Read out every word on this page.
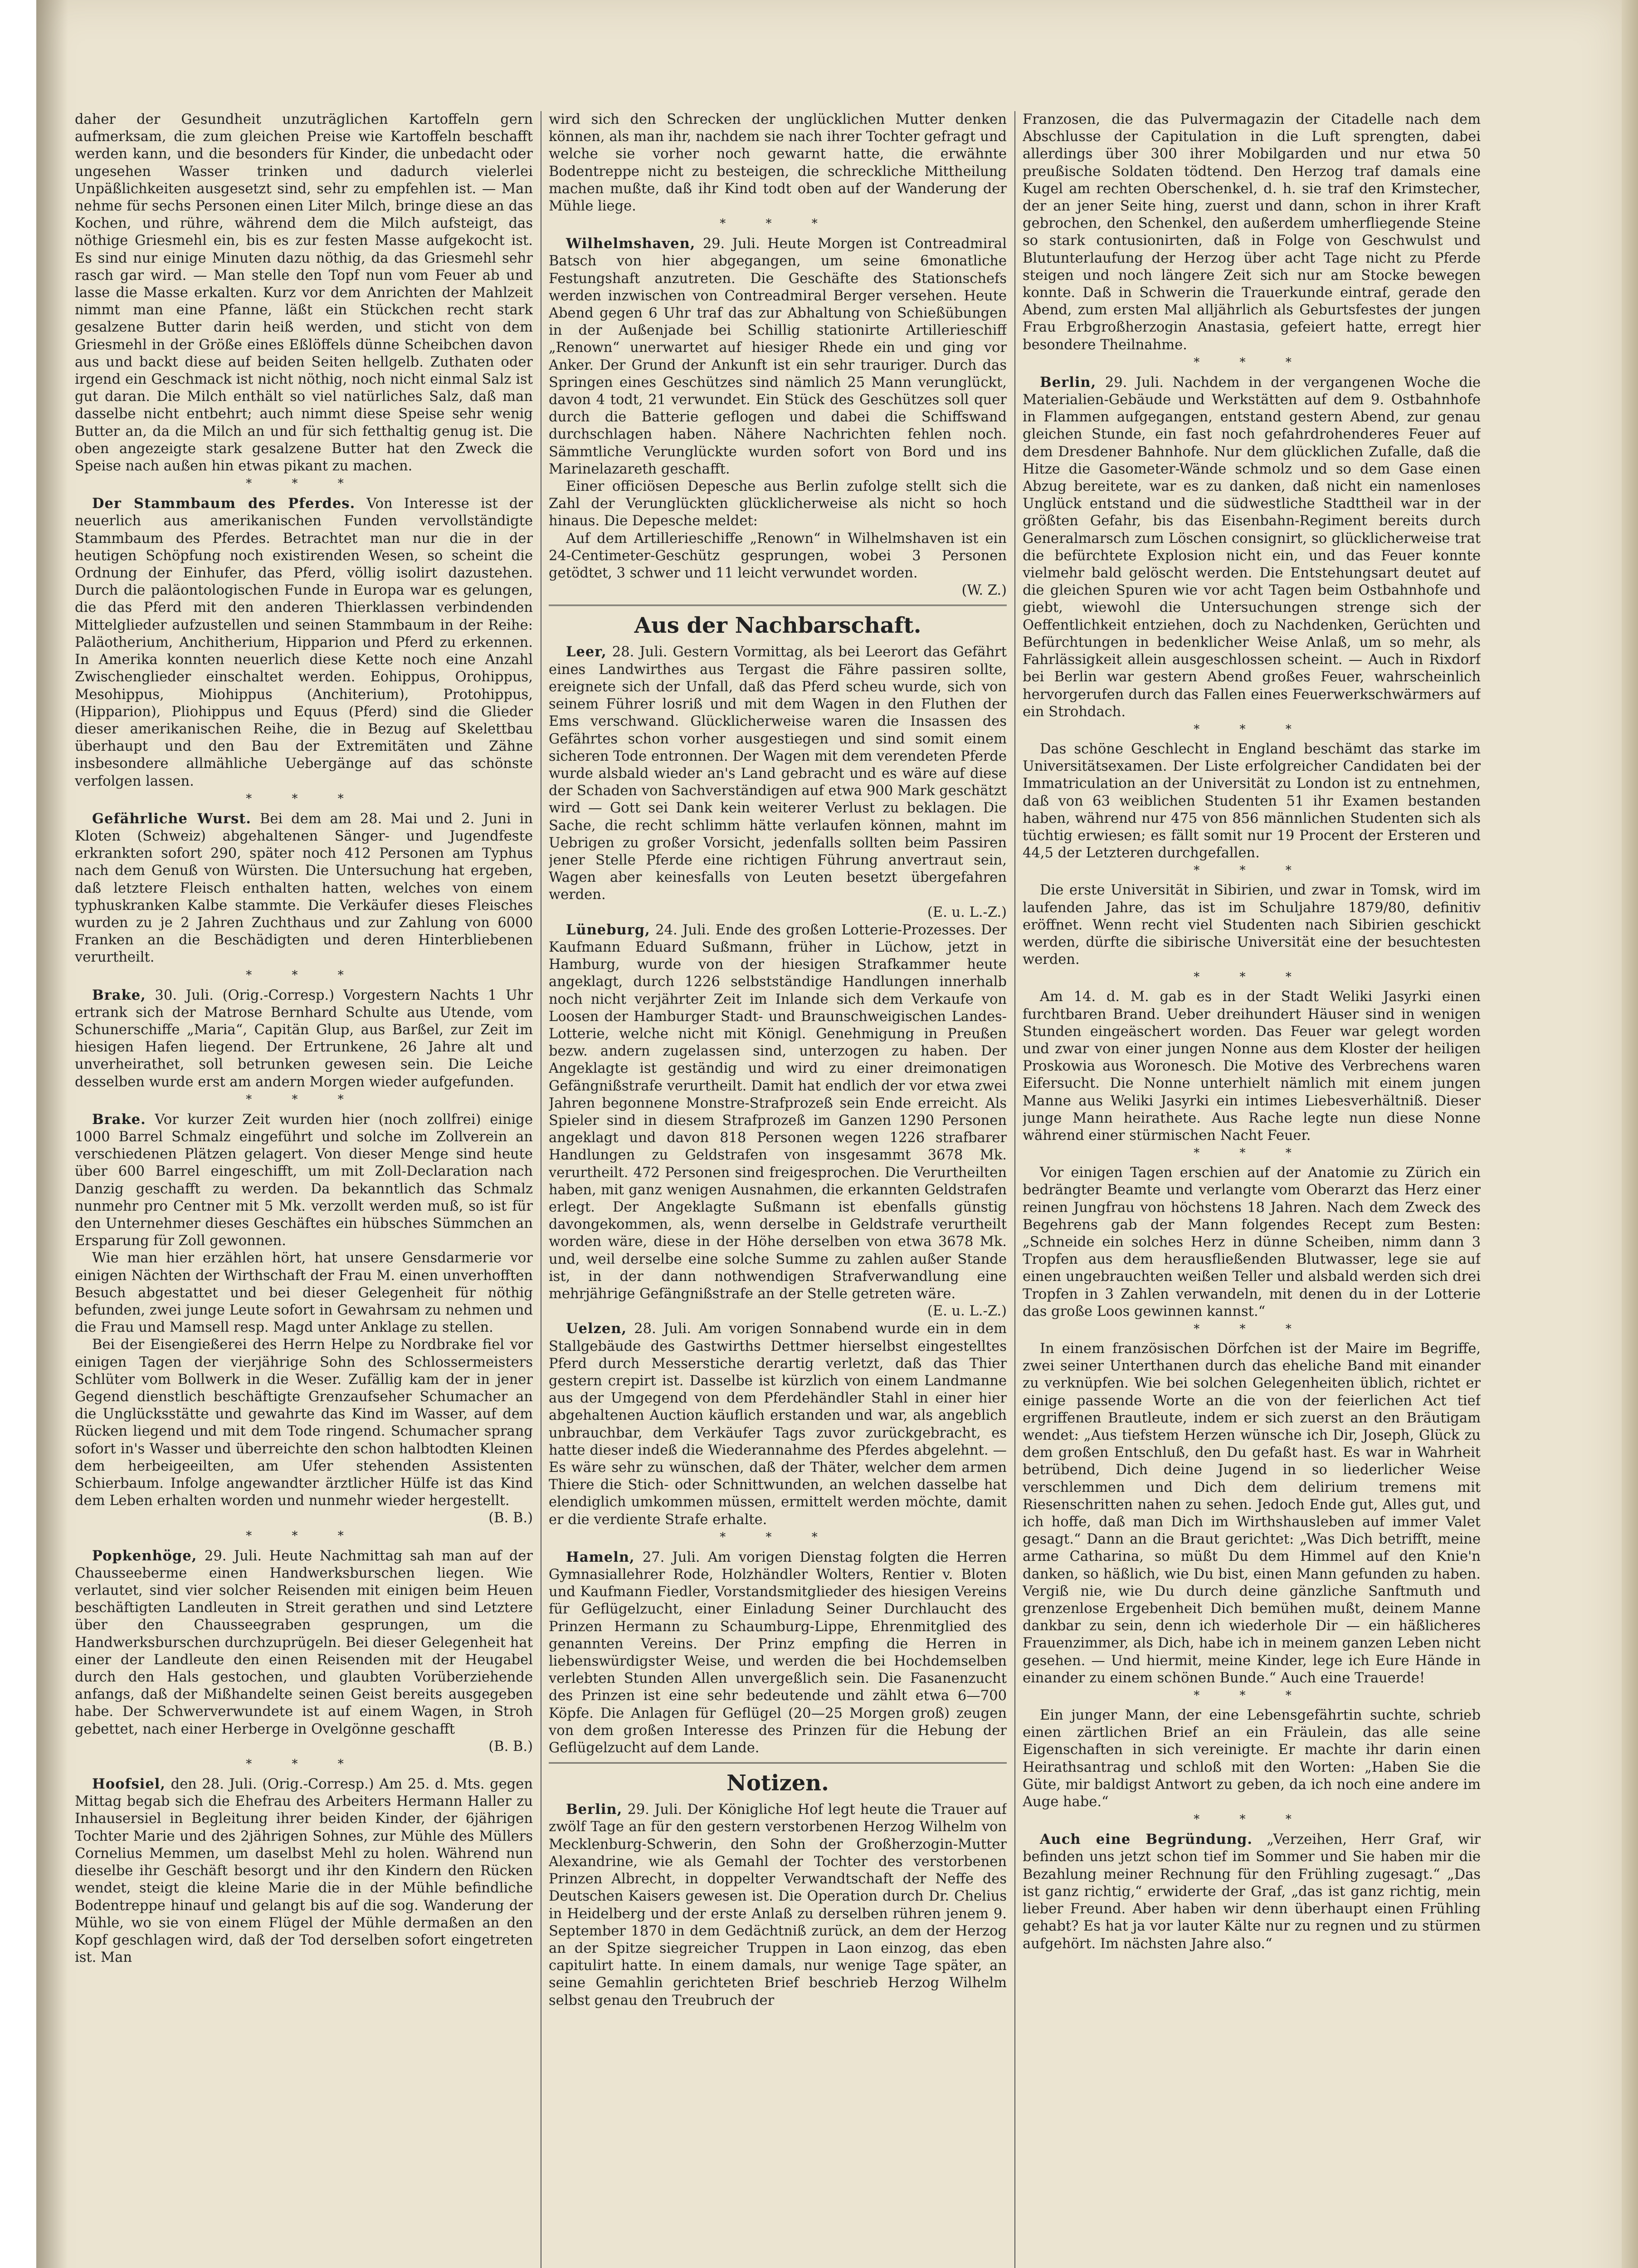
daher der Gesundheit unzuträglichen Kartoffeln gern aufmerksam, die zum gleichen Preise wie Kartoffeln beschafft werden kann, und die besonders für Kinder, die unbedacht oder ungesehen Wasser trinken und dadurch vielerlei Unpäßlichkeiten ausgesetzt sind, sehr zu empfehlen ist. — Man nehme für sechs Personen einen Liter Milch, bringe diese an das Kochen, und rühre, während dem die Milch aufsteigt, das nöthige Griesmehl ein, bis es zur festen Masse aufgekocht ist. Es sind nur einige Minuten dazu nöthig, da das Griesmehl sehr rasch gar wird. — Man stelle den Topf nun vom Feuer ab und lasse die Masse erkalten. Kurz vor dem Anrichten der Mahlzeit nimmt man eine Pfanne, läßt ein Stückchen recht stark gesalzene Butter darin heiß werden, und sticht von dem Griesmehl in der Größe eines Eßlöffels dünne Scheibchen davon aus und backt diese auf beiden Seiten hellgelb. Zuthaten oder irgend ein Geschmack ist nicht nöthig, noch nicht einmal Salz ist gut daran. Die Milch enthält so viel natürliches Salz, daß man dasselbe nicht entbehrt; auch nimmt diese Speise sehr wenig Butter an, da die Milch an und für sich fetthaltig genug ist. Die oben angezeigte stark gesalzene Butter hat den Zweck die Speise nach außen hin etwas pikant zu machen.

* * *

Der Stammbaum des Pferdes. Von Interesse ist der neuerlich aus amerikanischen Funden vervollständigte Stammbaum des Pferdes. Betrachtet man nur die in der heutigen Schöpfung noch existirenden Wesen, so scheint die Ordnung der Einhufer, das Pferd, völlig isolirt dazustehen. Durch die paläontologischen Funde in Europa war es gelungen, die das Pferd mit den anderen Thierklassen verbindenden Mittelglieder aufzustellen und seinen Stammbaum in der Reihe: Paläotherium, Anchitherium, Hipparion und Pferd zu erkennen. In Amerika konnten neuerlich diese Kette noch eine Anzahl Zwischenglieder einschaltet werden. Eohippus, Orohippus, Mesohippus, Miohippus (Anchiterium), Protohippus, (Hipparion), Pliohippus und Equus (Pferd) sind die Glieder dieser amerikanischen Reihe, die in Bezug auf Skelettbau überhaupt und den Bau der Extremitäten und Zähne insbesondere allmähliche Uebergänge auf das schönste verfolgen lassen.

* * *

Gefährliche Wurst. Bei dem am 28. Mai und 2. Juni in Kloten (Schweiz) abgehaltenen Sänger- und Jugendfeste erkrankten sofort 290, später noch 412 Personen am Typhus nach dem Genuß von Würsten. Die Untersuchung hat ergeben, daß letztere Fleisch enthalten hatten, welches von einem typhuskranken Kalbe stammte. Die Verkäufer dieses Fleisches wurden zu je 2 Jahren Zuchthaus und zur Zahlung von 6000 Franken an die Beschädigten und deren Hinterbliebenen verurtheilt.

* * *

Brake, 30. Juli. (Orig.-Corresp.) Vorgestern Nachts 1 Uhr ertrank sich der Matrose Bernhard Schulte aus Utende, vom Schunerschiffe „Maria“, Capitän Glup, aus Barßel, zur Zeit im hiesigen Hafen liegend. Der Ertrunkene, 26 Jahre alt und unverheirathet, soll betrunken gewesen sein. Die Leiche desselben wurde erst am andern Morgen wieder aufgefunden.

* * *

Brake. Vor kurzer Zeit wurden hier (noch zollfrei) einige 1000 Barrel Schmalz eingeführt und solche im Zollverein an verschiedenen Plätzen gelagert. Von dieser Menge sind heute über 600 Barrel eingeschifft, um mit Zoll-Declaration nach Danzig geschafft zu werden. Da bekanntlich das Schmalz nunmehr pro Centner mit 5 Mk. verzollt werden muß, so ist für den Unternehmer dieses Geschäftes ein hübsches Sümmchen an Ersparung für Zoll gewonnen.

Wie man hier erzählen hört, hat unsere Gensdarmerie vor einigen Nächten der Wirthschaft der Frau M. einen unverhofften Besuch abgestattet und bei dieser Gelegenheit für nöthig befunden, zwei junge Leute sofort in Gewahrsam zu nehmen und die Frau und Mamsell resp. Magd unter Anklage zu stellen.

Bei der Eisengießerei des Herrn Helpe zu Nordbrake fiel vor einigen Tagen der vierjährige Sohn des Schlossermeisters Schlüter vom Bollwerk in die Weser. Zufällig kam der in jener Gegend dienstlich beschäftigte Grenzaufseher Schumacher an die Unglücksstätte und gewahrte das Kind im Wasser, auf dem Rücken liegend und mit dem Tode ringend. Schumacher sprang sofort in's Wasser und überreichte den schon halbtodten Kleinen dem herbeigeeilten, am Ufer stehenden Assistenten Schierbaum. Infolge angewandter ärztlicher Hülfe ist das Kind dem Leben erhalten worden und nunmehr wieder hergestellt.
(B. B.)

* * *

Popkenhöge, 29. Juli. Heute Nachmittag sah man auf der Chausseeberme einen Handwerksburschen liegen. Wie verlautet, sind vier solcher Reisenden mit einigen beim Heuen beschäftigten Landleuten in Streit gerathen und sind Letztere über den Chausseegraben gesprungen, um die Handwerksburschen durchzuprügeln. Bei dieser Gelegenheit hat einer der Landleute den einen Reisenden mit der Heugabel durch den Hals gestochen, und glaubten Vorüberziehende anfangs, daß der Mißhandelte seinen Geist bereits ausgegeben habe. Der Schwerverwundete ist auf einem Wagen, in Stroh gebettet, nach einer Herberge in Ovelgönne geschafft
(B. B.)

* * *

Hoofsiel, den 28. Juli. (Orig.-Corresp.) Am 25. d. Mts. gegen Mittag begab sich die Ehefrau des Arbeiters Hermann Haller zu Inhausersiel in Begleitung ihrer beiden Kinder, der 6jährigen Tochter Marie und des 2jährigen Sohnes, zur Mühle des Müllers Cornelius Memmen, um daselbst Mehl zu holen. Während nun dieselbe ihr Geschäft besorgt und ihr den Kindern den Rücken wendet, steigt die kleine Marie die in der Mühle befindliche Bodentreppe hinauf und gelangt bis auf die sog. Wanderung der Mühle, wo sie von einem Flügel der Mühle dermaßen an den Kopf geschlagen wird, daß der Tod derselben sofort eingetreten ist. Man

wird sich den Schrecken der unglücklichen Mutter denken können, als man ihr, nachdem sie nach ihrer Tochter gefragt und welche sie vorher noch gewarnt hatte, die erwähnte Bodentreppe nicht zu besteigen, die schreckliche Mittheilung machen mußte, daß ihr Kind todt oben auf der Wanderung der Mühle liege.

* * *

Wilhelmshaven, 29. Juli. Heute Morgen ist Contreadmiral Batsch von hier abgegangen, um seine 6monatliche Festungshaft anzutreten. Die Geschäfte des Stationschefs werden inzwischen von Contreadmiral Berger versehen. Heute Abend gegen 6 Uhr traf das zur Abhaltung von Schießübungen in der Außenjade bei Schillig stationirte Artillerieschiff „Renown“ unerwartet auf hiesiger Rhede ein und ging vor Anker. Der Grund der Ankunft ist ein sehr trauriger. Durch das Springen eines Geschützes sind nämlich 25 Mann verunglückt, davon 4 todt, 21 verwundet. Ein Stück des Geschützes soll quer durch die Batterie geflogen und dabei die Schiffswand durchschlagen haben. Nähere Nachrichten fehlen noch. Sämmtliche Verunglückte wurden sofort von Bord und ins Marinelazareth geschafft.

Einer officiösen Depesche aus Berlin zufolge stellt sich die Zahl der Verunglückten glücklicherweise als nicht so hoch hinaus. Die Depesche meldet:

Auf dem Artillerieschiffe „Renown“ in Wilhelmshaven ist ein 24-Centimeter-Geschütz gesprungen, wobei 3 Personen getödtet, 3 schwer und 11 leicht verwundet worden.
(W. Z.)

Aus der Nachbarschaft.

Leer, 28. Juli. Gestern Vormittag, als bei Leerort das Gefährt eines Landwirthes aus Tergast die Fähre passiren sollte, ereignete sich der Unfall, daß das Pferd scheu wurde, sich von seinem Führer losriß und mit dem Wagen in den Fluthen der Ems verschwand. Glücklicherweise waren die Insassen des Gefährtes schon vorher ausgestiegen und sind somit einem sicheren Tode entronnen. Der Wagen mit dem verendeten Pferde wurde alsbald wieder an's Land gebracht und es wäre auf diese der Schaden von Sachverständigen auf etwa 900 Mark geschätzt wird — Gott sei Dank kein weiterer Verlust zu beklagen. Die Sache, die recht schlimm hätte verlaufen können, mahnt im Uebrigen zu großer Vorsicht, jedenfalls sollten beim Passiren jener Stelle Pferde eine richtigen Führung anvertraut sein, Wagen aber keinesfalls von Leuten besetzt übergefahren werden.
(E. u. L.-Z.)

Lüneburg, 24. Juli. Ende des großen Lotterie-Prozesses. Der Kaufmann Eduard Sußmann, früher in Lüchow, jetzt in Hamburg, wurde von der hiesigen Strafkammer heute angeklagt, durch 1226 selbstständige Handlungen innerhalb noch nicht verjährter Zeit im Inlande sich dem Verkaufe von Loosen der Hamburger Stadt- und Braunschweigischen Landes-Lotterie, welche nicht mit Königl. Genehmigung in Preußen bezw. andern zugelassen sind, unterzogen zu haben. Der Angeklagte ist geständig und wird zu einer dreimonatigen Gefängnißstrafe verurtheilt. Damit hat endlich der vor etwa zwei Jahren begonnene Monstre-Strafprozeß sein Ende erreicht. Als Spieler sind in diesem Strafprozeß im Ganzen 1290 Personen angeklagt und davon 818 Personen wegen 1226 strafbarer Handlungen zu Geldstrafen von insgesammt 3678 Mk. verurtheilt. 472 Personen sind freigesprochen. Die Verurtheilten haben, mit ganz wenigen Ausnahmen, die erkannten Geldstrafen erlegt. Der Angeklagte Sußmann ist ebenfalls günstig davongekommen, als, wenn derselbe in Geldstrafe verurtheilt worden wäre, diese in der Höhe derselben von etwa 3678 Mk. und, weil derselbe eine solche Summe zu zahlen außer Stande ist, in der dann nothwendigen Strafverwandlung eine mehrjährige Gefängnißstrafe an der Stelle getreten wäre.
(E. u. L.-Z.)

Uelzen, 28. Juli. Am vorigen Sonnabend wurde ein in dem Stallgebäude des Gastwirths Dettmer hierselbst eingestelltes Pferd durch Messerstiche derartig verletzt, daß das Thier gestern crepirt ist. Dasselbe ist kürzlich von einem Landmanne aus der Umgegend von dem Pferdehändler Stahl in einer hier abgehaltenen Auction käuflich erstanden und war, als angeblich unbrauchbar, dem Verkäufer Tags zuvor zurückgebracht, es hatte dieser indeß die Wiederannahme des Pferdes abgelehnt. — Es wäre sehr zu wünschen, daß der Thäter, welcher dem armen Thiere die Stich- oder Schnittwunden, an welchen dasselbe hat elendiglich umkommen müssen, ermittelt werden möchte, damit er die verdiente Strafe erhalte.

* * *

Hameln, 27. Juli. Am vorigen Dienstag folgten die Herren Gymnasiallehrer Rode, Holzhändler Wolters, Rentier v. Bloten und Kaufmann Fiedler, Vorstandsmitglieder des hiesigen Vereins für Geflügelzucht, einer Einladung Seiner Durchlaucht des Prinzen Hermann zu Schaumburg-Lippe, Ehrenmitglied des genannten Vereins. Der Prinz empfing die Herren in liebenswürdigster Weise, und werden die bei Hochdemselben verlebten Stunden Allen unvergeßlich sein. Die Fasanenzucht des Prinzen ist eine sehr bedeutende und zählt etwa 6—700 Köpfe. Die Anlagen für Geflügel (20—25 Morgen groß) zeugen von dem großen Interesse des Prinzen für die Hebung der Geflügelzucht auf dem Lande.

Notizen.

Berlin, 29. Juli. Der Königliche Hof legt heute die Trauer auf zwölf Tage an für den gestern verstorbenen Herzog Wilhelm von Mecklenburg-Schwerin, den Sohn der Großherzogin-Mutter Alexandrine, wie als Gemahl der Tochter des verstorbenen Prinzen Albrecht, in doppelter Verwandtschaft der Neffe des Deutschen Kaisers gewesen ist. Die Operation durch Dr. Chelius in Heidelberg und der erste Anlaß zu derselben rühren jenem 9. September 1870 in dem Gedächtniß zurück, an dem der Herzog an der Spitze siegreicher Truppen in Laon einzog, das eben capitulirt hatte. In einem damals, nur wenige Tage später, an seine Gemahlin gerichteten Brief beschrieb Herzog Wilhelm selbst genau den Treubruch der

Franzosen, die das Pulvermagazin der Citadelle nach dem Abschlusse der Capitulation in die Luft sprengten, dabei allerdings über 300 ihrer Mobilgarden und nur etwa 50 preußische Soldaten tödtend. Den Herzog traf damals eine Kugel am rechten Oberschenkel, d. h. sie traf den Krimstecher, der an jener Seite hing, zuerst und dann, schon in ihrer Kraft gebrochen, den Schenkel, den außerdem umherfliegende Steine so stark contusionirten, daß in Folge von Geschwulst und Blutunterlaufung der Herzog über acht Tage nicht zu Pferde steigen und noch längere Zeit sich nur am Stocke bewegen konnte. Daß in Schwerin die Trauerkunde eintraf, gerade den Abend, zum ersten Mal alljährlich als Geburtsfestes der jungen Frau Erbgroßherzogin Anastasia, gefeiert hatte, erregt hier besondere Theilnahme.

* * *

Berlin, 29. Juli. Nachdem in der vergangenen Woche die Materialien-Gebäude und Werkstätten auf dem 9. Ostbahnhofe in Flammen aufgegangen, entstand gestern Abend, zur genau gleichen Stunde, ein fast noch gefahrdrohenderes Feuer auf dem Dresdener Bahnhofe. Nur dem glücklichen Zufalle, daß die Hitze die Gasometer-Wände schmolz und so dem Gase einen Abzug bereitete, war es zu danken, daß nicht ein namenloses Unglück entstand und die südwestliche Stadttheil war in der größten Gefahr, bis das Eisenbahn-Regiment bereits durch Generalmarsch zum Löschen consignirt, so glücklicherweise trat die befürchtete Explosion nicht ein, und das Feuer konnte vielmehr bald gelöscht werden. Die Entstehungsart deutet auf die gleichen Spuren wie vor acht Tagen beim Ostbahnhofe und giebt, wiewohl die Untersuchungen strenge sich der Oeffentlichkeit entziehen, doch zu Nachdenken, Gerüchten und Befürchtungen in bedenklicher Weise Anlaß, um so mehr, als Fahrlässigkeit allein ausgeschlossen scheint. — Auch in Rixdorf bei Berlin war gestern Abend großes Feuer, wahrscheinlich hervorgerufen durch das Fallen eines Feuerwerkschwärmers auf ein Strohdach.

* * *

Das schöne Geschlecht in England beschämt das starke im Universitätsexamen. Der Liste erfolgreicher Candidaten bei der Immatriculation an der Universität zu London ist zu entnehmen, daß von 63 weiblichen Studenten 51 ihr Examen bestanden haben, während nur 475 von 856 männlichen Studenten sich als tüchtig erwiesen; es fällt somit nur 19 Procent der Ersteren und 44,5 der Letzteren durchgefallen.

* * *

Die erste Universität in Sibirien, und zwar in Tomsk, wird im laufenden Jahre, das ist im Schuljahre 1879/80, definitiv eröffnet. Wenn recht viel Studenten nach Sibirien geschickt werden, dürfte die sibirische Universität eine der besuchtesten werden.

* * *

Am 14. d. M. gab es in der Stadt Weliki Jasyrki einen furchtbaren Brand. Ueber dreihundert Häuser sind in wenigen Stunden eingeäschert worden. Das Feuer war gelegt worden und zwar von einer jungen Nonne aus dem Kloster der heiligen Proskowia aus Woronesch. Die Motive des Verbrechens waren Eifersucht. Die Nonne unterhielt nämlich mit einem jungen Manne aus Weliki Jasyrki ein intimes Liebesverhältniß. Dieser junge Mann heirathete. Aus Rache legte nun diese Nonne während einer stürmischen Nacht Feuer.

* * *

Vor einigen Tagen erschien auf der Anatomie zu Zürich ein bedrängter Beamte und verlangte vom Oberarzt das Herz einer reinen Jungfrau von höchstens 18 Jahren. Nach dem Zweck des Begehrens gab der Mann folgendes Recept zum Besten: „Schneide ein solches Herz in dünne Scheiben, nimm dann 3 Tropfen aus dem herausfließenden Blutwasser, lege sie auf einen ungebrauchten weißen Teller und alsbald werden sich drei Tropfen in 3 Zahlen verwandeln, mit denen du in der Lotterie das große Loos gewinnen kannst.“

* * *

In einem französischen Dörfchen ist der Maire im Begriffe, zwei seiner Unterthanen durch das eheliche Band mit einander zu verknüpfen. Wie bei solchen Gelegenheiten üblich, richtet er einige passende Worte an die von der feierlichen Act tief ergriffenen Brautleute, indem er sich zuerst an den Bräutigam wendet: „Aus tiefstem Herzen wünsche ich Dir, Joseph, Glück zu dem großen Entschluß, den Du gefaßt hast. Es war in Wahrheit betrübend, Dich deine Jugend in so liederlicher Weise verschlemmen und Dich dem delirium tremens mit Riesenschritten nahen zu sehen. Jedoch Ende gut, Alles gut, und ich hoffe, daß man Dich im Wirthshausleben auf immer Valet gesagt.“ Dann an die Braut gerichtet: „Was Dich betrifft, meine arme Catharina, so müßt Du dem Himmel auf den Knie'n danken, so häßlich, wie Du bist, einen Mann gefunden zu haben. Vergiß nie, wie Du durch deine gänzliche Sanftmuth und grenzenlose Ergebenheit Dich bemühen mußt, deinem Manne dankbar zu sein, denn ich wiederhole Dir — ein häßlicheres Frauenzimmer, als Dich, habe ich in meinem ganzen Leben nicht gesehen. — Und hiermit, meine Kinder, lege ich Eure Hände in einander zu einem schönen Bunde.“ Auch eine Trauerde!

* * *

Ein junger Mann, der eine Lebensgefährtin suchte, schrieb einen zärtlichen Brief an ein Fräulein, das alle seine Eigenschaften in sich vereinigte. Er machte ihr darin einen Heirathsantrag und schloß mit den Worten: „Haben Sie die Güte, mir baldigst Antwort zu geben, da ich noch eine andere im Auge habe.“

* * *

Auch eine Begründung. „Verzeihen, Herr Graf, wir befinden uns jetzt schon tief im Sommer und Sie haben mir die Bezahlung meiner Rechnung für den Frühling zugesagt.“ „Das ist ganz richtig,“ erwiderte der Graf, „das ist ganz richtig, mein lieber Freund. Aber haben wir denn überhaupt einen Frühling gehabt? Es hat ja vor lauter Kälte nur zu regnen und zu stürmen aufgehört. Im nächsten Jahre also.“
